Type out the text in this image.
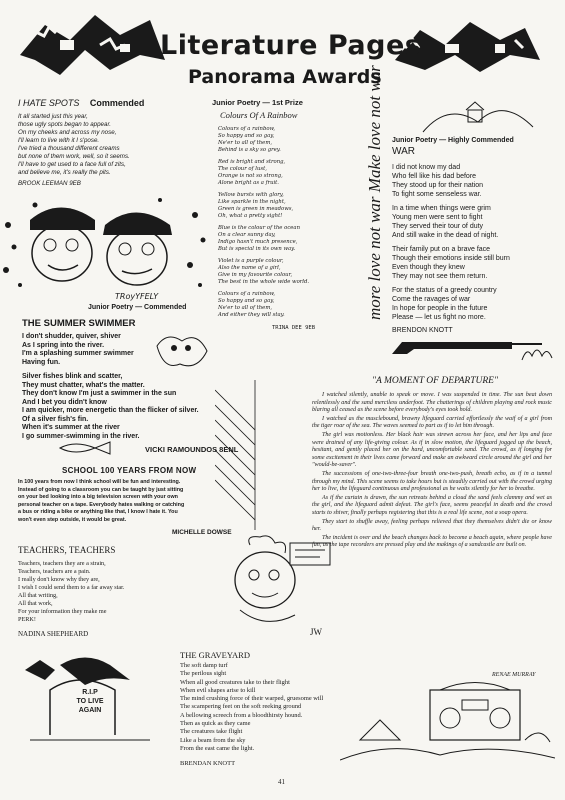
Literature Pages
Panorama Awards
I HATE SPOTS Commended
It all started just this year,
those ugly spots began to appear.
On my cheeks and across my nose,
I'll learn to live with it I s'pose.
I've tried a thousand different creams
but none of them work, well, so it seems.
I'll have to get used to a face full of zits,
and believe me, it's really the pits.
BROOK LEEMAN 9EB
TRoyYFELY
Junior Poetry — Commended
Junior Poetry — 1st Prize
Colours Of A Rainbow
Colours of a rainbow,
So happy and so gay,
Ne'er to all of them,
Behind is a sky so grey.
Red is bright and strong,
The colour of lust,
Orange is not so strong,
Alone bright as a fruit.
Yellow bursts with glory,
Like sparkle in the night,
Green is green in meadows,
Oh, what a pretty sight!
Blue is the colour of the ocean
On a clear sunny day,
Indigo hasn't much presence,
But is special in its own way.
Violet is a purple colour,
Also the name of a girl,
Give in my favourite colour,
The best in the whole wide world.
Colours of a rainbow,
So happy and so gay,
Ne'er to all of them,
And either they will stay.
TRINA DEE 9EB
more love not war Make love not war Junior Poetry — Highly Commended
WAR
I did not know my dad
Who fell like his dad before
They stood up for their nation
To fight some senseless war.
In a time when things were grim
Young men were sent to fight
They served their tour of duty
And still wake in the dead of night.
Their family put on a brave face
Though their emotions inside still burn
Even though they knew
They may not see them return.
For the status of a greedy country
Come the ravages of war
In hope for people in the future
Please — let us fight no more.
BRENDON KNOTT
THE SUMMER SWIMMER
I don't shudder, quiver, shiver
As I spring into the river.
I'm a splashing summer swimmer
Having fun.
Silver fishes blink and scatter,
They must chatter, what's the matter.
They don't know I'm just a swimmer in the sun
And I bet you didn't know
I am quicker, more energetic than the flicker of silver.
Of a silver fish's fin.
When it's summer at the river
I go summer-swimming in the river.
VICKI RAMOUNDOS 8ENL
SCHOOL 100 YEARS FROM NOW
In 100 years from now I think school will be fun and interesting.
Instead of going to a classroom you can be taught by just sitting
on your bed looking into a big television screen with your own
personal teacher on a tape. Everybody hates walking or catching
a bus or riding a bike or anything like that, I know I hate it. You
won't even step outside, it would be great.
MICHELLE DOWSE
TEACHERS, TEACHERS
Teachers, teachers they are a strain,
Teachers, teachers are a pain.
I really don't know why they are,
I wish I could send them to a far away star.
All that writing,
All that work,
For your information they make me
PERK!
NADINA SHEPHEARD	JW
R.I.P
TO LIVE
AGAIN
THE GRAVEYARD
The soft damp turf
The perilous sight
When all good creatures take to their flight
When evil shapes arise to kill
The mind crushing force of their warped, gruesome will
The scampering feet on the soft reeking ground
A bellowing screech from a bloodthirsty hound.
Then as quick as they came
The creatures take flight
Like a beam from the sky
From the east came the light.
BRENDAN KNOTT
"A MOMENT OF DEPARTURE"

I watched silently, unable to speak or move. I was suspended in time. The sun beat down relentlessly and the sand merciless underfoot. The chatterings of children playing and rock music blaring all ceased as the scene before everybody's eyes took hold.

I watched as the musclebound, brawny lifeguard carried effortlessly the waif of a girl from the tiger roar of the sea. The waves seemed to part as if to let him through.

The girl was motionless. Her black hair was strewn across her face, and her lips and face were drained of any life-giving colour. As if in slow motion, the lifeguard jogged up the beach, hesitant, and gently placed her on the hard, uncomfortable sand. The crowd, as if longing for some excitement in their lives came forward and make an awkward circle around the girl and her "would-be-saver".

The successions of one-two-three-four breath one-two-push, breath echo, as if in a tunnel through my mind. This scene seems to take hours but is steadily carried out with the crowd urging her to live, the lifeguard continuous and professional as he waits silently for her to breathe.

As if the curtain is drawn, the sun retreats behind a cloud the sand feels clammy and wet as the girl, and the lifeguard admit defeat. The girl's face, seems peaceful in death and the crowd starts to shiver, finally perhaps registering that this is a real life scene, not a soap opera.

They start to shuffle away, feeling perhaps relieved that they themselves didn't die or know her.

The incident is over and the beach changes back to become a beach again, where people have fun, as the tape recorders are pressed play and the makings of a sandcastle are built on.

RENAE MURRAY
41
